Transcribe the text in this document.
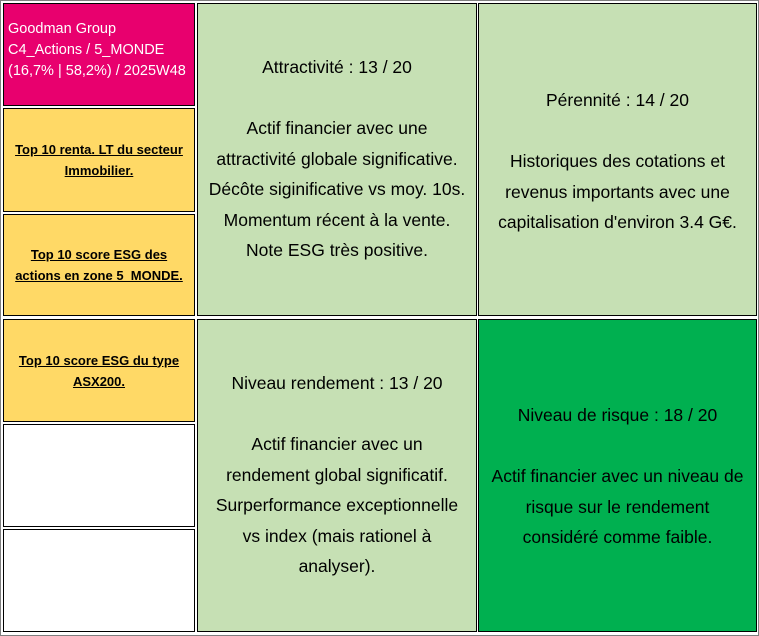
Goodman Group
C4_Actions / 5_MONDE
(16,7% | 58,2%) / 2025W48
Top 10 renta. LT du secteur
Immobilier.
Top 10 score ESG des
actions en zone 5_MONDE.
Top 10 score ESG du type
ASX200.
Attractivité : 13 / 20
Actif financier avec une
attractivité globale significative.
Décôte siginificative vs moy. 10s.
Momentum récent à la vente.
Note ESG très positive.
Pérennité : 14 / 20
Historiques des cotations et
revenus importants avec une
capitalisation d'environ 3.4 G€.
Niveau rendement : 13 / 20
Actif financier avec un
rendement global significatif.
Surperformance exceptionnelle
vs index (mais rationel à
analyser).
Niveau de risque : 18 / 20
Actif financier avec un niveau de
risque sur le rendement
considéré comme faible.
